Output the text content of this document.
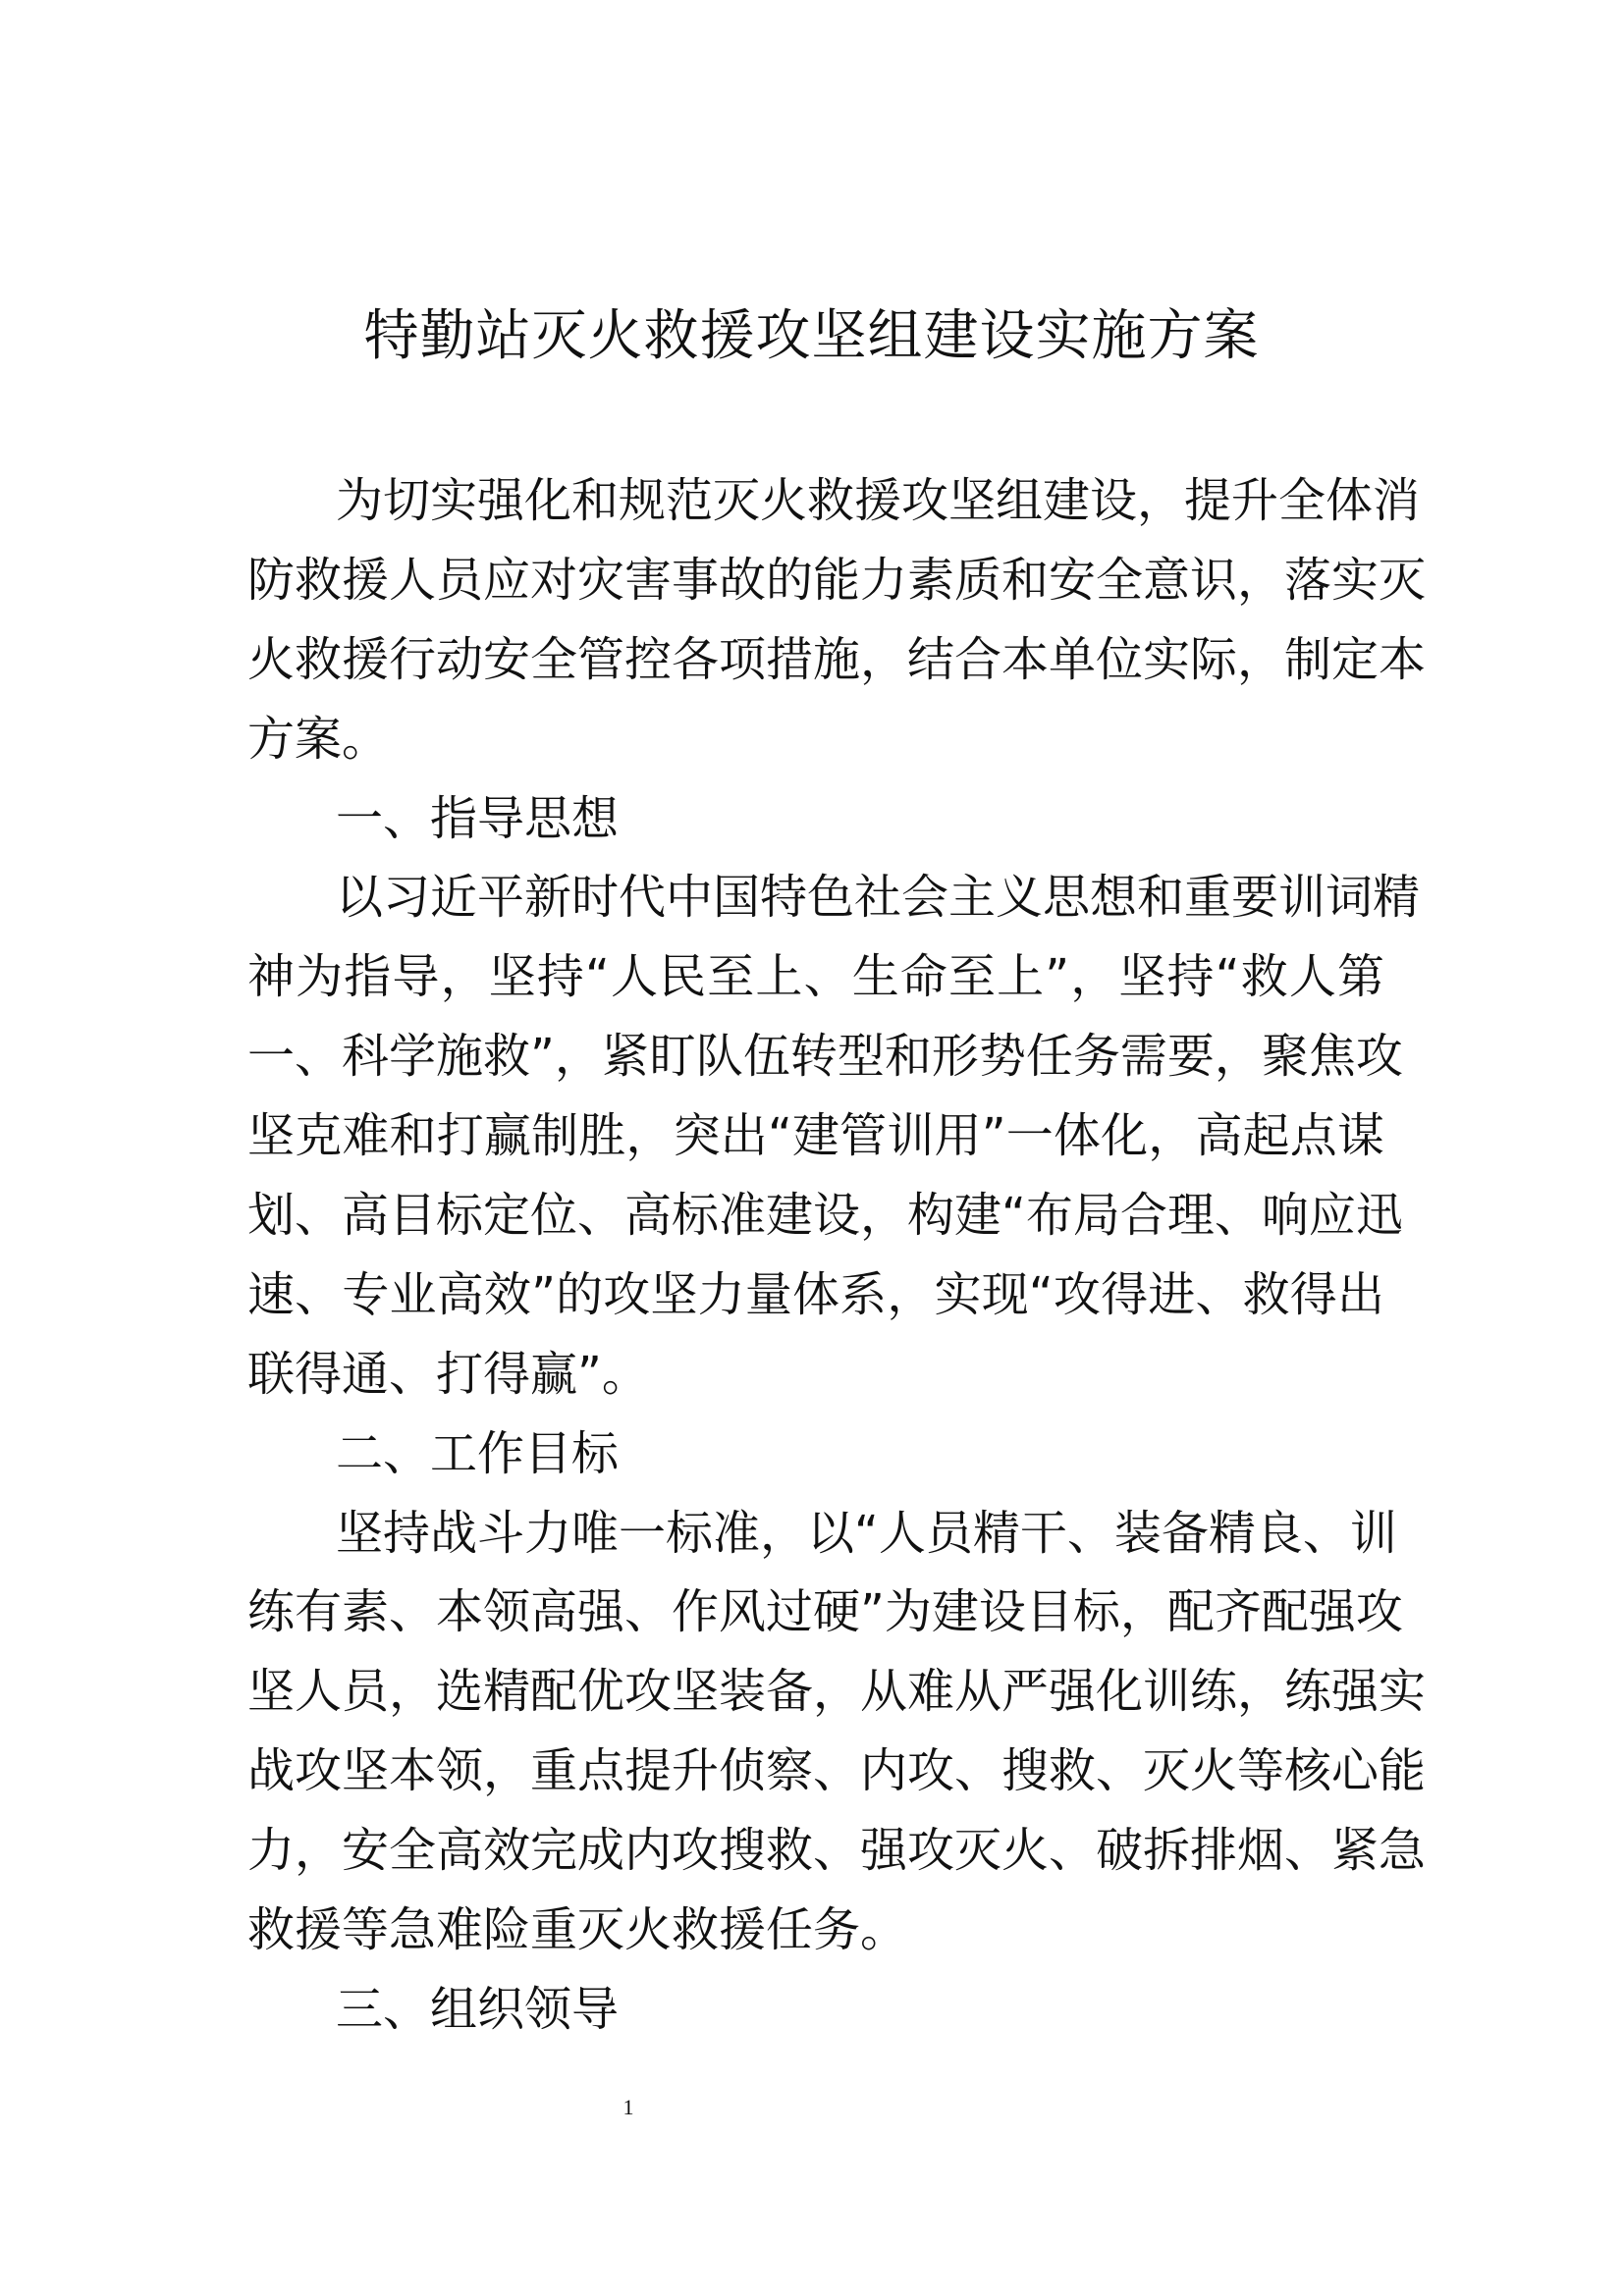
特勤站灭火救援攻坚组建设实施方案
为切实强化和规范灭火救援攻坚组建设，提升全体消
防救援人员应对灾害事故的能力素质和安全意识，落实灭
火救援行动安全管控各项措施，结合本单位实际，制定本
方案。
一、指导思想
以习近平新时代中国特色社会主义思想和重要训词精
神为指导，坚持“人民至上、生命至上”，坚持“救人第
一、科学施救”，紧盯队伍转型和形势任务需要，聚焦攻
坚克难和打赢制胜，突出“建管训用”一体化，高起点谋
划、高目标定位、高标准建设，构建“布局合理、响应迅
速、专业高效”的攻坚力量体系，实现“攻得进、救得出
联得通、打得赢”。
二、工作目标
坚持战斗力唯一标准，以“人员精干、装备精良、训
练有素、本领高强、作风过硬”为建设目标，配齐配强攻
坚人员，选精配优攻坚装备，从难从严强化训练，练强实
战攻坚本领，重点提升侦察、内攻、搜救、灭火等核心能
力，安全高效完成内攻搜救、强攻灭火、破拆排烟、紧急
救援等急难险重灭火救援任务。
三、组织领导
1
